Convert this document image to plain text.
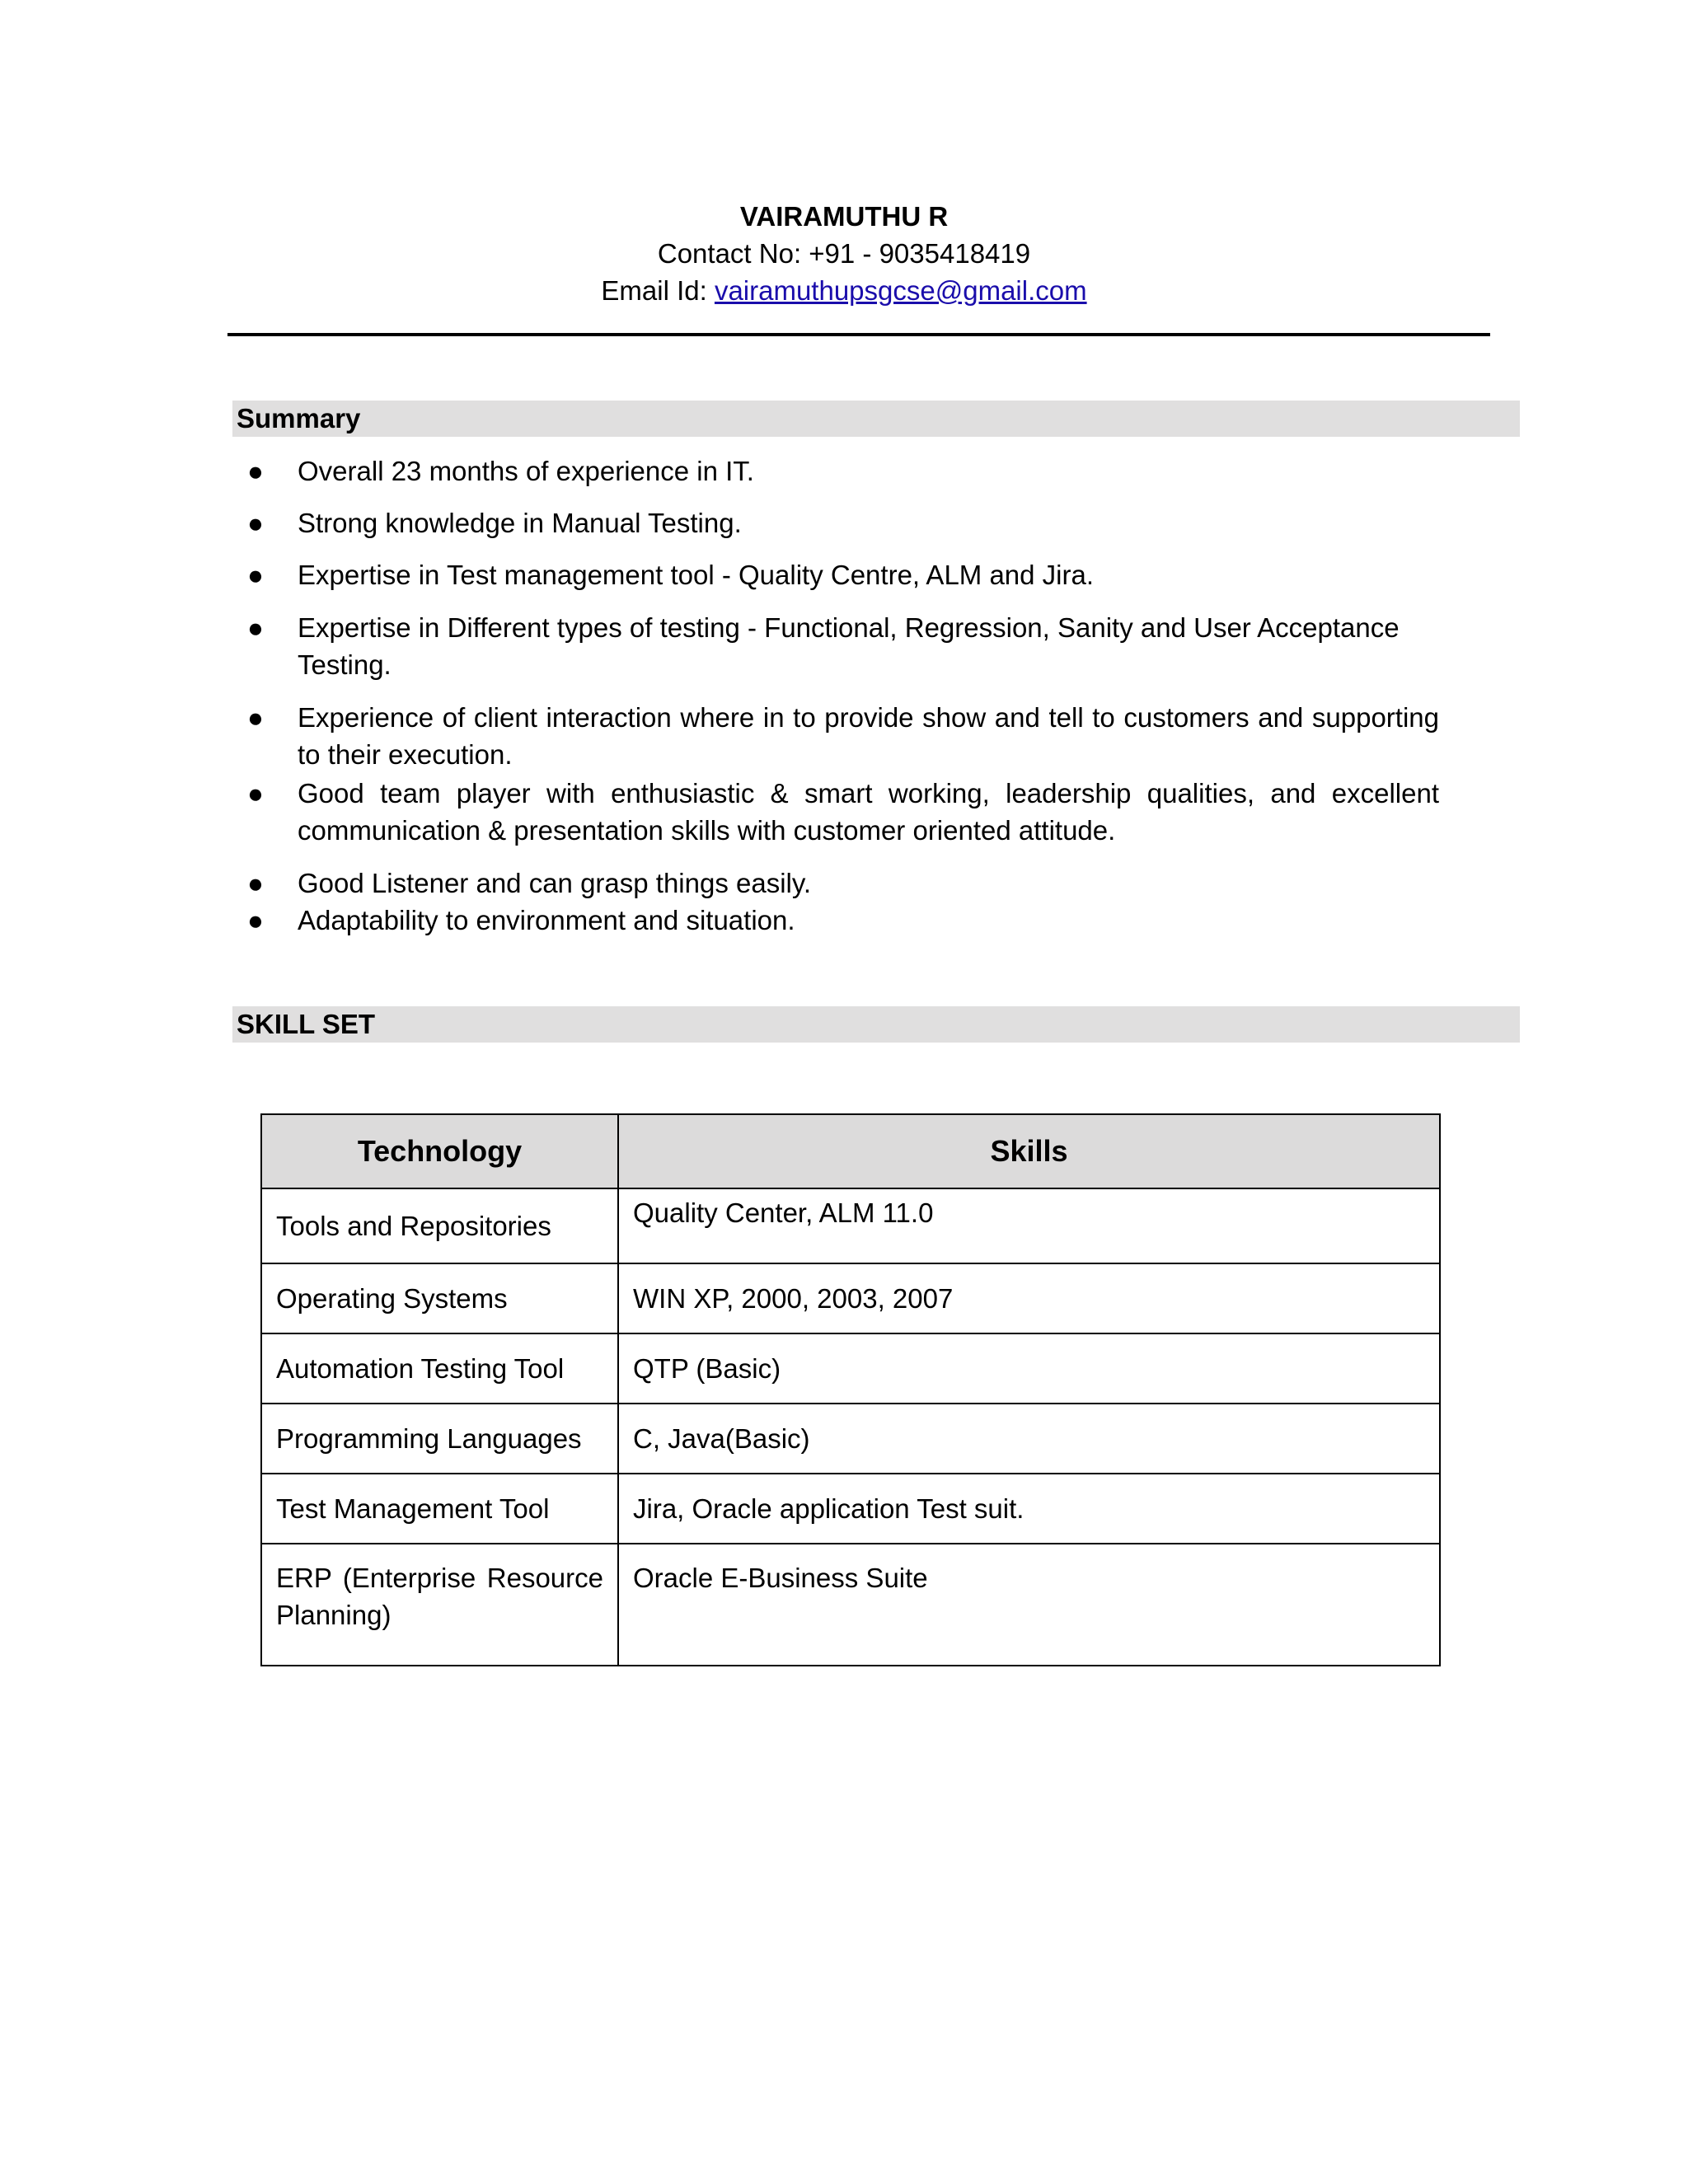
VAIRAMUTHU R
Contact No: +91 - 9035418419
Email Id: vairamuthupsgcse@gmail.com
Summary
● Overall 23 months of experience in IT.
● Strong knowledge in Manual Testing.
● Expertise in Test management tool - Quality Centre, ALM and Jira.
● Expertise in Different types of testing - Functional, Regression, Sanity and User Acceptance Testing.
● Experience of client interaction where in to provide show and tell to customers and supporting to their execution.
● Good team player with enthusiastic & smart working, leadership qualities, and excellent communication & presentation skills with customer oriented attitude.
● Good Listener and can grasp things easily.
● Adaptability to environment and situation.
SKILL SET
Technology	Skills
Tools and Repositories	Quality Center, ALM 11.0
Operating Systems	WIN XP, 2000, 2003, 2007
Automation Testing Tool	QTP (Basic)
Programming Languages	C, Java(Basic)
Test Management Tool	Jira, Oracle application Test suit.
ERP (Enterprise Resource Planning)	Oracle E-Business Suite
